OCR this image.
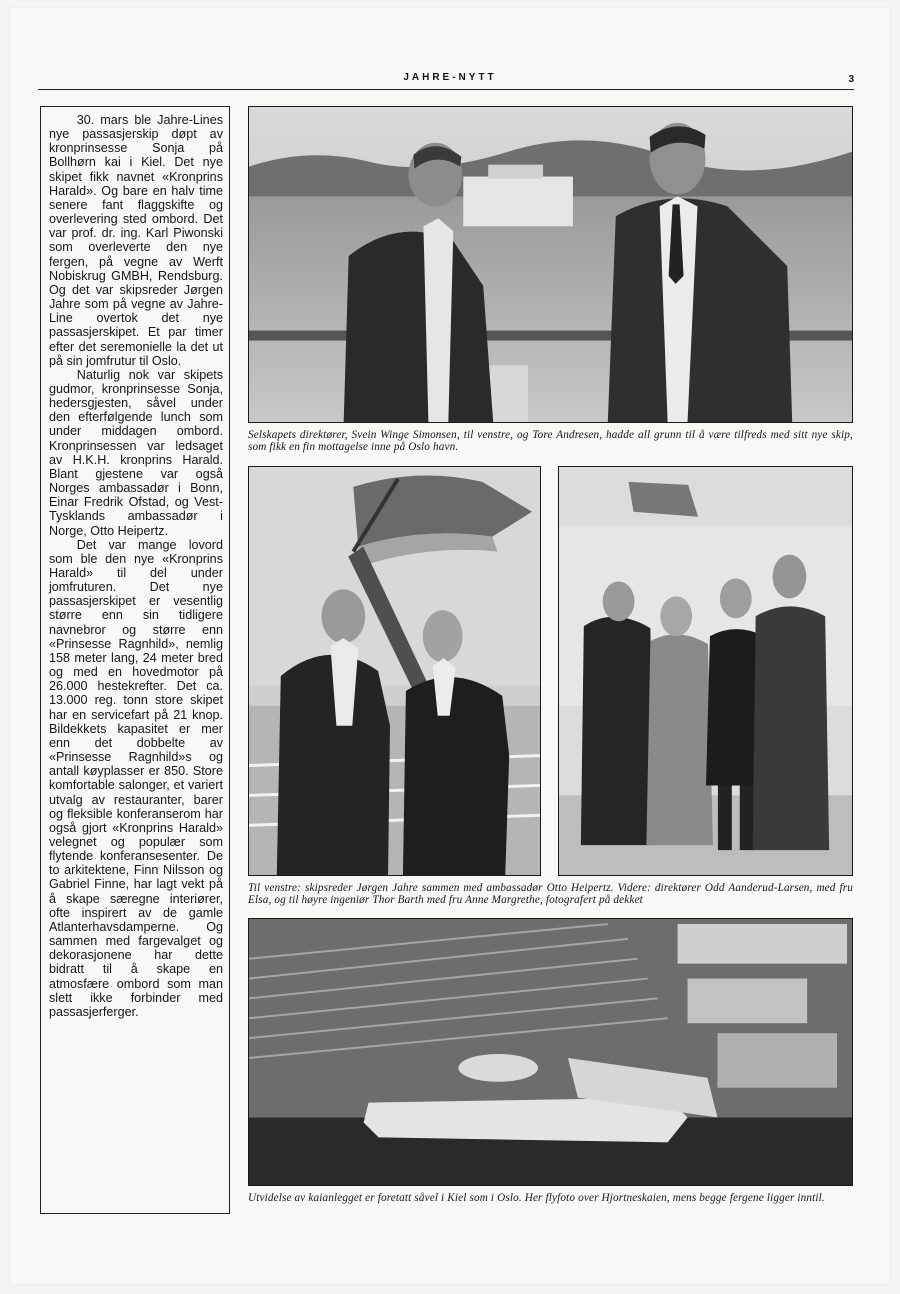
JAHRE-NYTT	3

30. mars ble Jahre-Lines nye passasjerskip døpt av kronprinsesse Sonja på Bollhørn kai i Kiel. Det nye skipet fikk navnet «Kronprins Harald». Og bare en halv time senere fant flaggskifte og overlevering sted ombord. Det var prof. dr. ing. Karl Piwonski som overleverte den nye fergen, på vegne av Werft Nobiskrug GMBH, Rendsburg. Og det var skipsreder Jørgen Jahre som på vegne av Jahre-Line overtok det nye passasjerskipet. Et par timer efter det seremonielle la det ut på sin jomfrutur til Oslo.

Naturlig nok var skipets gudmor, kronprinsesse Sonja, hedersgjesten, såvel under den efterfølgende lunch som under middagen ombord. Kronprinsessen var ledsaget av H.K.H. kronprins Harald. Blant gjestene var også Norges ambassadør i Bonn, Einar Fredrik Ofstad, og Vest-Tysklands ambassadør i Norge, Otto Heipertz.

Det var mange lovord som ble den nye «Kronprins Harald» til del under jomfruturen. Det nye passasjerskipet er vesentlig større enn sin tidligere navnebror og større enn «Prinsesse Ragnhild», nemlig 158 meter lang, 24 meter bred og med en hovedmotor på 26.000 hestekrefter. Det ca. 13.000 reg. tonn store skipet har en servicefart på 21 knop. Bildekkets kapasitet er mer enn det dobbelte av «Prinsesse Ragnhild»s og antall køyplasser er 850. Store komfortable salonger, et variert utvalg av restauranter, barer og fleksible konferanserom har også gjort «Kronprins Harald» velegnet og populær som flytende konferansesenter. De to arkitektene, Finn Nilsson og Gabriel Finne, har lagt vekt på å skape særegne interiører, ofte inspirert av de gamle Atlanterhavsdamperne. Og sammen med fargevalget og dekorasjonene har dette bidratt til å skape en atmosfære ombord som man slett ikke forbinder med passasjerferger.

Selskapets direktører, Svein Winge Simonsen, til venstre, og Tore Andresen, hadde all grunn til å være tilfreds med sitt nye skip, som fikk en fin mottagelse inne på Oslo havn.
Til venstre: skipsreder Jørgen Jahre sammen med ambassadør Otto Heipertz. Videre: direktører Odd Aanderud-Larsen, med fru Elsa, og til høyre ingeniør Thor Barth med fru Anne Margrethe, fotografert på dekket
Utvidelse av kaianlegget er foretatt såvel i Kiel som i Oslo. Her flyfoto over Hjortneskaien, mens begge fergene ligger inntil.
